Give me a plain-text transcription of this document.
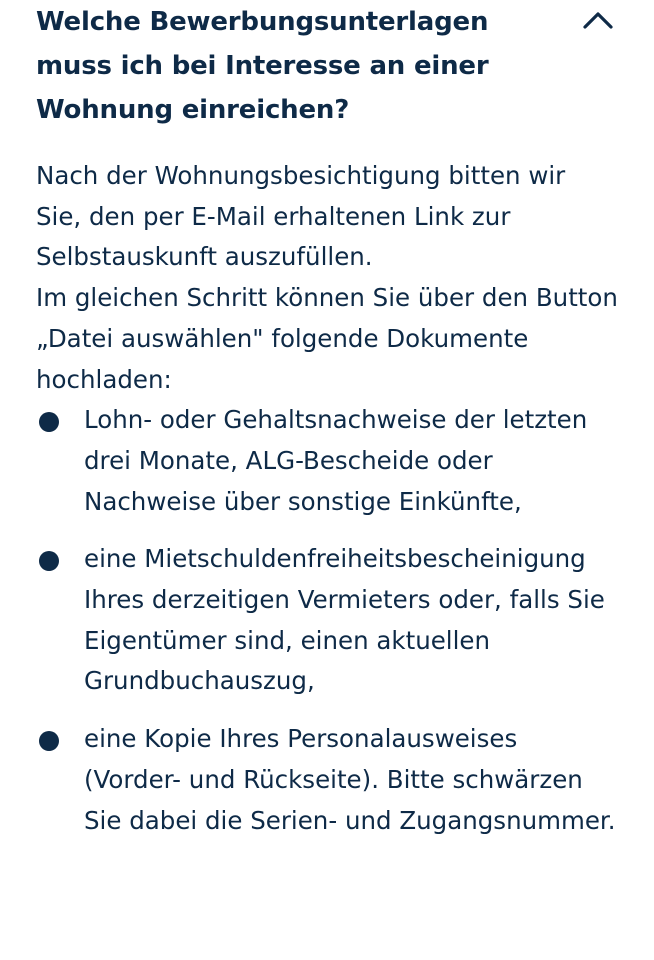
Welche Bewerbungsunterlagen muss ich bei Interesse an einer Wohnung einreichen?

Nach der Wohnungsbesichtigung bitten wir Sie, den per E-Mail erhaltenen Link zur Selbstauskunft auszufüllen.

Im gleichen Schritt können Sie über den Button „Datei auswählen" folgende Dokumente hochladen:

Lohn- oder Gehaltsnachweise der letzten drei Monate, ALG-Bescheide oder Nachweise über sonstige Einkünfte,
eine Mietschuldenfreiheitsbescheinigung Ihres derzeitigen Vermieters oder, falls Sie Eigentümer sind, einen aktuellen Grundbuchauszug,
eine Kopie Ihres Personalausweises (Vorder- und Rückseite). Bitte schwärzen Sie dabei die Serien- und Zugangsnummer.
